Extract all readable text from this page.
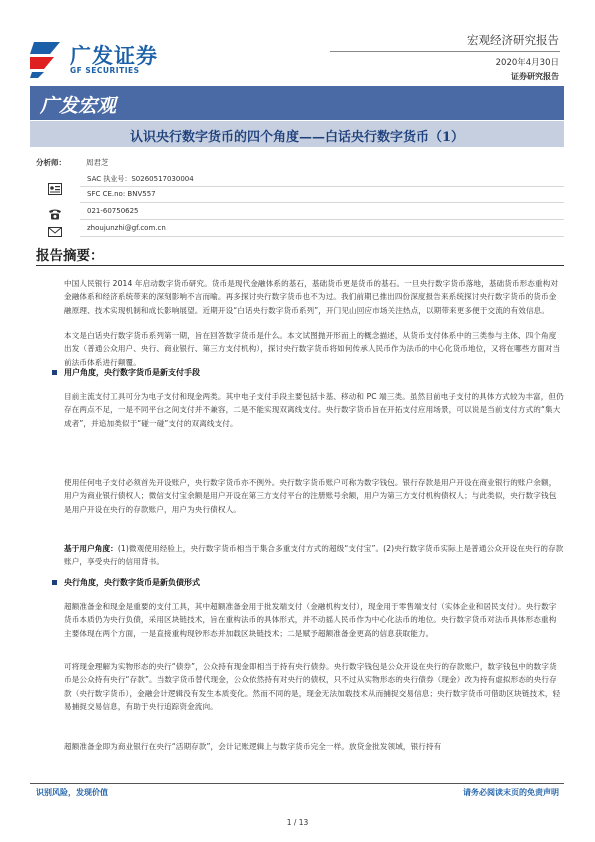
广发证券
GF SECURITIES
宏观经济研究报告
2020年4月30日
证券研究报告
广发宏观
认识央行数字货币的四个角度——白话央行数字货币（1）
分析师：	周君芝
SAC 执业号：S0260517030004
SFC CE.no: BNV557
021-60750625
zhoujunzhi@gf.com.cn
报告摘要：
中国人民银行 2014 年启动数字货币研究。货币是现代金融体系的基石，基础货币更是货币的基石。一旦央行数字货币落地，基础货币形态重构对金融体系和经济系统带来的深刻影响不言而喻。再多探讨央行数字货币也不为过。我们前期已推出四份深度报告来系统探讨央行数字货币的货币金融原理、技术实现机制和成长影响展望。近期开设“白话央行数字货币系列”，开门见山回应市场关注热点，以期带来更多便于交流的有效信息。
本文是白话央行数字货币系列第一期，旨在回答数字货币是什么。本文试图抛开形而上的概念描述，从货币支付体系中的三类参与主体、四个角度出发（普通公众用户、央行、商业银行、第三方支付机构），探讨央行数字货币将如何传承人民币作为法币的中心化货币地位，又将在哪些方面对当前法币体系进行颠覆。
用户角度，央行数字货币是新支付手段
目前主流支付工具可分为电子支付和现金两类。其中电子支付手段主要包括卡基、移动和 PC 端三类。虽然目前电子支付的具体方式较为丰富，但仍存在两点不足，一是不同平台之间支付并不兼容，二是不能实现双离线支付。央行数字货币旨在开拓支付应用场景，可以说是当前支付方式的“集大成者”，并追加类似于“碰一碰”支付的双离线支付。
使用任何电子支付必须首先开设账户，央行数字货币亦不例外。央行数字货币账户可称为数字钱包。银行存款是用户开设在商业银行的账户余额，用户为商业银行债权人；微信支付宝余额是用户开设在第三方支付平台的注册账号余额，用户为第三方支付机构债权人；与此类似，央行数字钱包是用户开设在央行的存款账户，用户为央行债权人。
基于用户角度：(1)微观使用经验上，央行数字货币相当于集合多重支付方式的超级“支付宝”。(2)央行数字货币实际上是普通公众开设在央行的存款账户，享受央行的信用背书。
央行角度，央行数字货币是新负债形式
超额准备金和现金是重要的支付工具，其中超额准备金用于批发端支付（金融机构支付），现金用于零售端支付（实体企业和居民支付）。央行数字货币本质仍为央行负债，采用区块链技术，旨在重构法币的具体形式，并不动摇人民币作为中心化法币的地位。央行数字货币对法币具体形态重构主要体现在两个方面，一是直接重构现钞形态并加载区块链技术；二是赋予超额准备金更高的信息获取能力。
可将现金理解为实物形态的央行“债券”，公众持有现金即相当于持有央行债券。央行数字钱包是公众开设在央行的存款账户，数字钱包中的数字货币是公众持有央行“存款”。当数字货币替代现金，公众依然持有对央行的债权，只不过从实物形态的央行债券（现金）改为持有虚拟形态的央行存款（央行数字货币），金融会计逻辑没有发生本质变化。然而不同的是，现金无法加载技术从而捕捉交易信息；央行数字货币可借助区块链技术，轻易捕捉交易信息，有助于央行追踪资金流向。
超额准备金即为商业银行在央行“活期存款”，会计记账逻辑上与数字货币完全一样。放贷金批发领域，银行持有
识别风险，发现价值	请务必阅读末页的免责声明
1 / 13
